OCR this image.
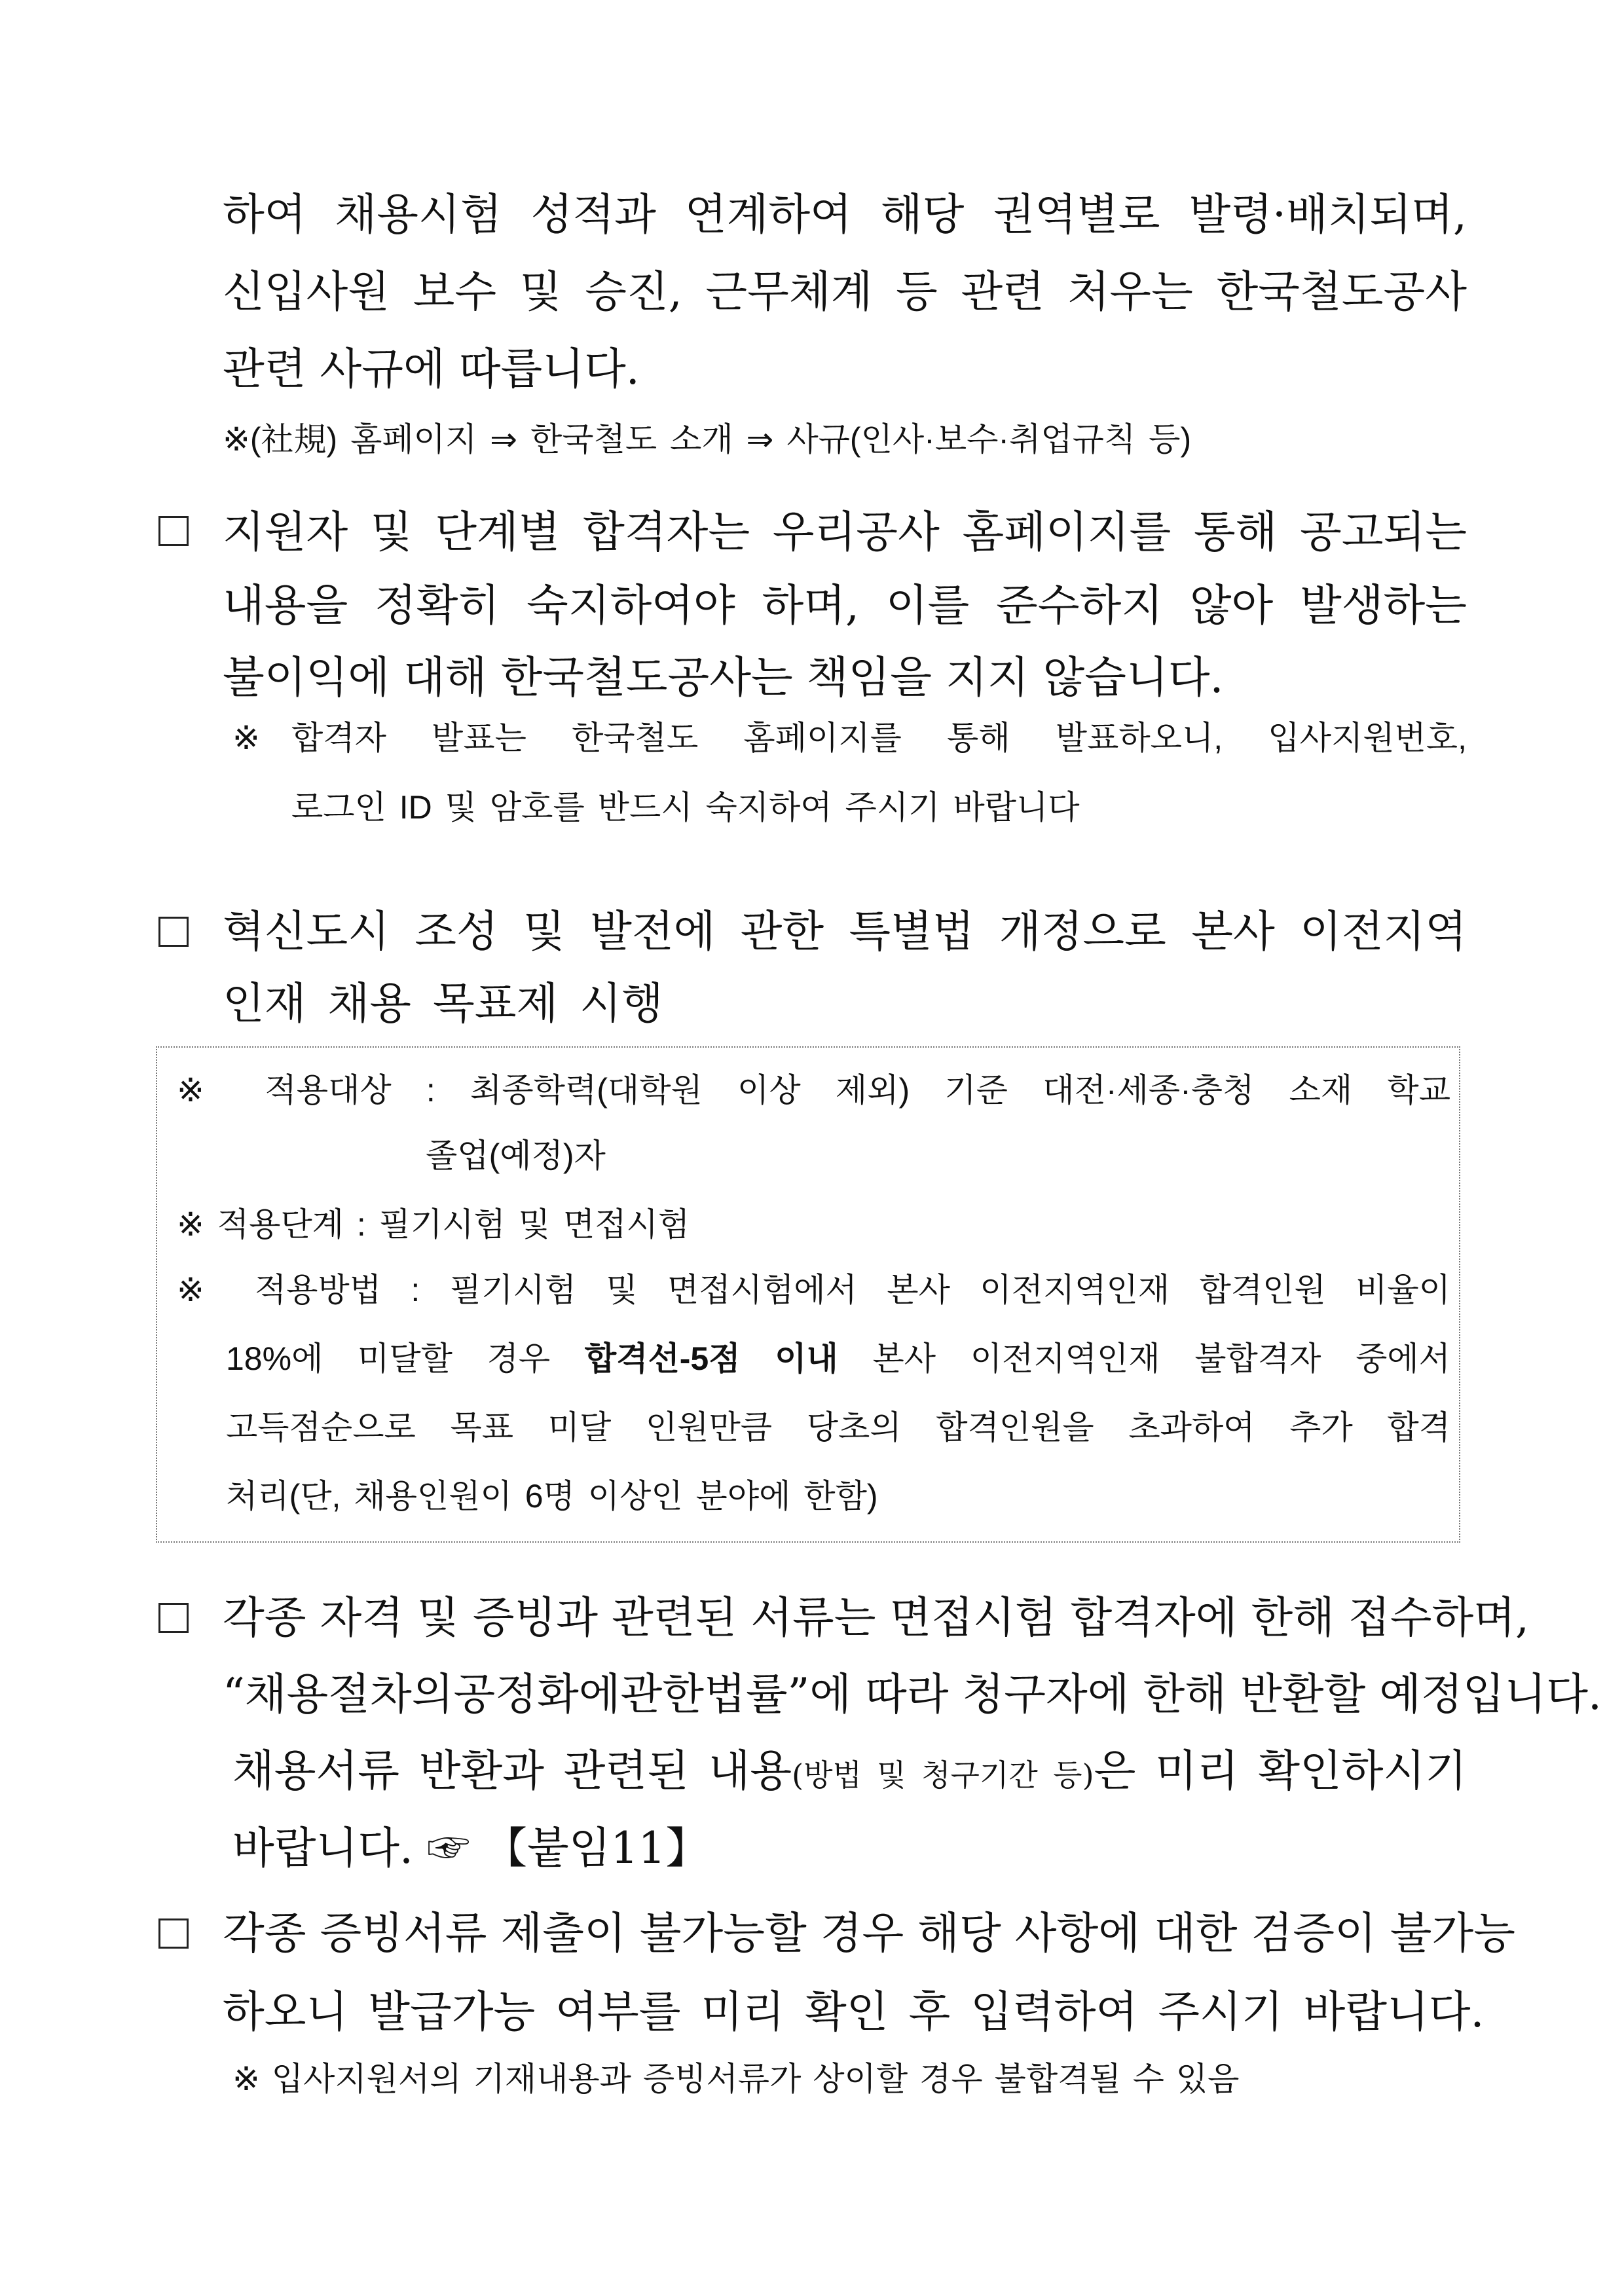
하여 채용시험 성적과 연계하여 해당 권역별로 발령·배치되며,
신입사원 보수 및 승진, 근무체계 등 관련 처우는 한국철도공사
관련 사규에 따릅니다.
※(社規) 홈페이지 ⇒ 한국철도 소개 ⇒ 사규(인사·보수·취업규칙 등)
지원자 및 단계별 합격자는 우리공사 홈페이지를 통해 공고되는
내용을 정확히 숙지하여야 하며, 이를 준수하지 않아 발생하는
불이익에 대해 한국철도공사는 책임을 지지 않습니다.
※ 합격자 발표는 한국철도 홈페이지를 통해 발표하오니, 입사지원번호,
로그인 ID 및 암호를 반드시 숙지하여 주시기 바랍니다
혁신도시 조성 및 발전에 관한 특별법 개정으로 본사 이전지역
인재 채용 목표제 시행
※ 적용대상 : 최종학력(대학원 이상 제외) 기준 대전·세종·충청 소재 학교
졸업(예정)자
※ 적용단계 : 필기시험 및 면접시험
※ 적용방법 : 필기시험 및 면접시험에서 본사 이전지역인재 합격인원 비율이
18%에 미달할 경우 합격선-5점 이내 본사 이전지역인재 불합격자 중에서
고득점순으로 목표 미달 인원만큼 당초의 합격인원을 초과하여 추가 합격
처리(단, 채용인원이 6명 이상인 분야에 한함)
각종 자격 및 증빙과 관련된 서류는 면접시험 합격자에 한해 접수하며,
“채용절차의공정화에관한법률”에 따라 청구자에 한해 반환할 예정입니다.
채용서류 반환과 관련된 내용(방법 및 청구기간 등)은 미리 확인하시기
바랍니다. ☞ 【붙임11】
각종 증빙서류 제출이 불가능할 경우 해당 사항에 대한 검증이 불가능
하오니 발급가능 여부를 미리 확인 후 입력하여 주시기 바랍니다.
※ 입사지원서의 기재내용과 증빙서류가 상이할 경우 불합격될 수 있음
